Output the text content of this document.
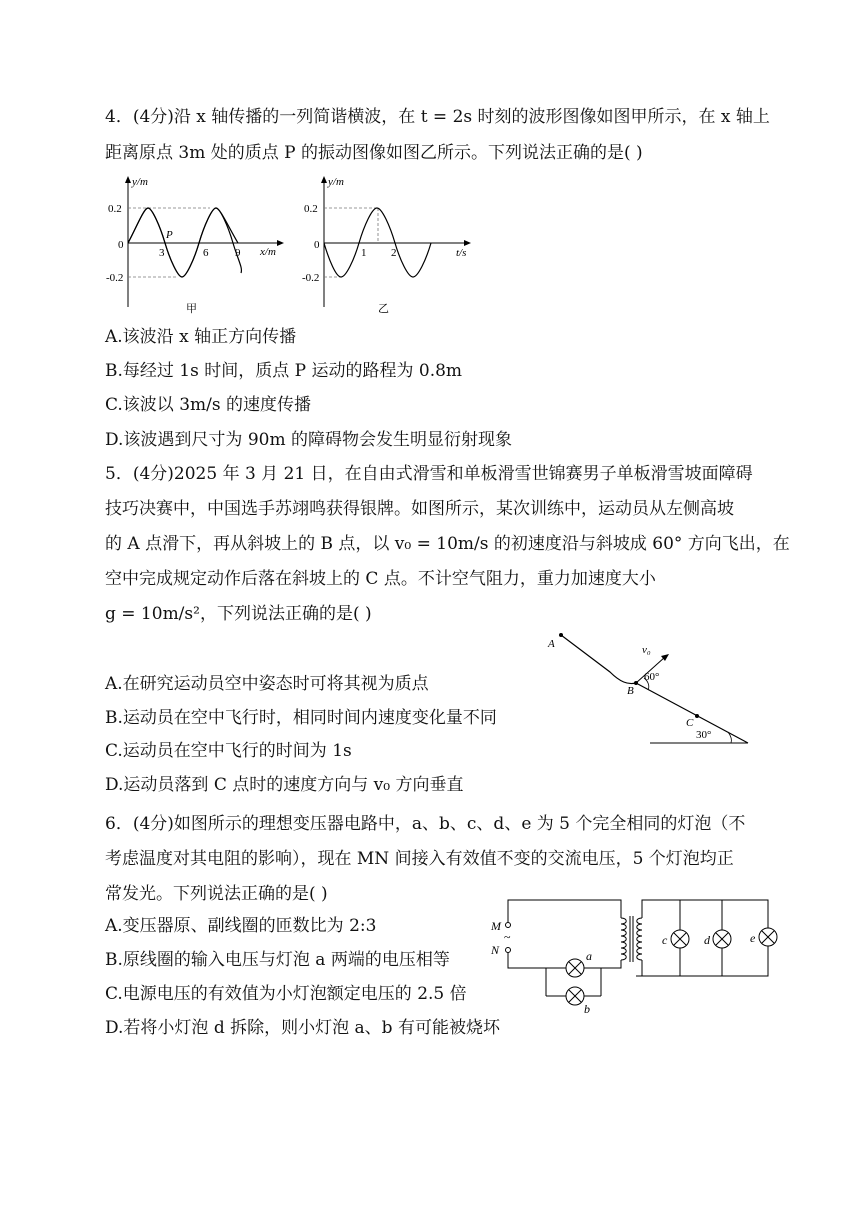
4．(4分)沿 x 轴传播的一列简谐横波，在 t = 2s 时刻的波形图像如图甲所示，在 x 轴上
距离原点 3m 处的质点 P 的振动图像如图乙所示。下列说法正确的是( )
y/m
x/m
0.2
0
-0.2
3	6 9
P
甲
y/m
t/s
0.2
0
-0.2
1 2
乙
A.该波沿 x 轴正方向传播
B.每经过 1s 时间，质点 P 运动的路程为 0.8m
C.该波以 3m/s 的速度传播
D.该波遇到尺寸为 90m 的障碍物会发生明显衍射现象
5．(4分)2025 年 3 月 21 日，在自由式滑雪和单板滑雪世锦赛男子单板滑雪坡面障碍
技巧决赛中，中国选手苏翊鸣获得银牌。如图所示，某次训练中，运动员从左侧高坡
的 A 点滑下，再从斜坡上的 B 点，以 v₀ = 10m/s 的初速度沿与斜坡成 60° 方向飞出，在
空中完成规定动作后落在斜坡上的 C 点。不计空气阻力，重力加速度大小
g = 10m/s²，下列说法正确的是( )
A	v₀
60°
B
C
30°
A.在研究运动员空中姿态时可将其视为质点
B.运动员在空中飞行时，相同时间内速度变化量不同
C.运动员在空中飞行的时间为 1s
D.运动员落到 C 点时的速度方向与 v₀ 方向垂直
6．(4分)如图所示的理想变压器电路中，a、b、c、d、e 为 5 个完全相同的灯泡（不
考虑温度对其电阻的影响），现在 MN 间接入有效值不变的交流电压，5 个灯泡均正
常发光。下列说法正确的是( )
M
N
~
a
b
c	d	e
A.变压器原、副线圈的匝数比为 2:3
B.原线圈的输入电压与灯泡 a 两端的电压相等
C.电源电压的有效值为小灯泡额定电压的 2.5 倍
D.若将小灯泡 d 拆除，则小灯泡 a、b 有可能被烧坏
